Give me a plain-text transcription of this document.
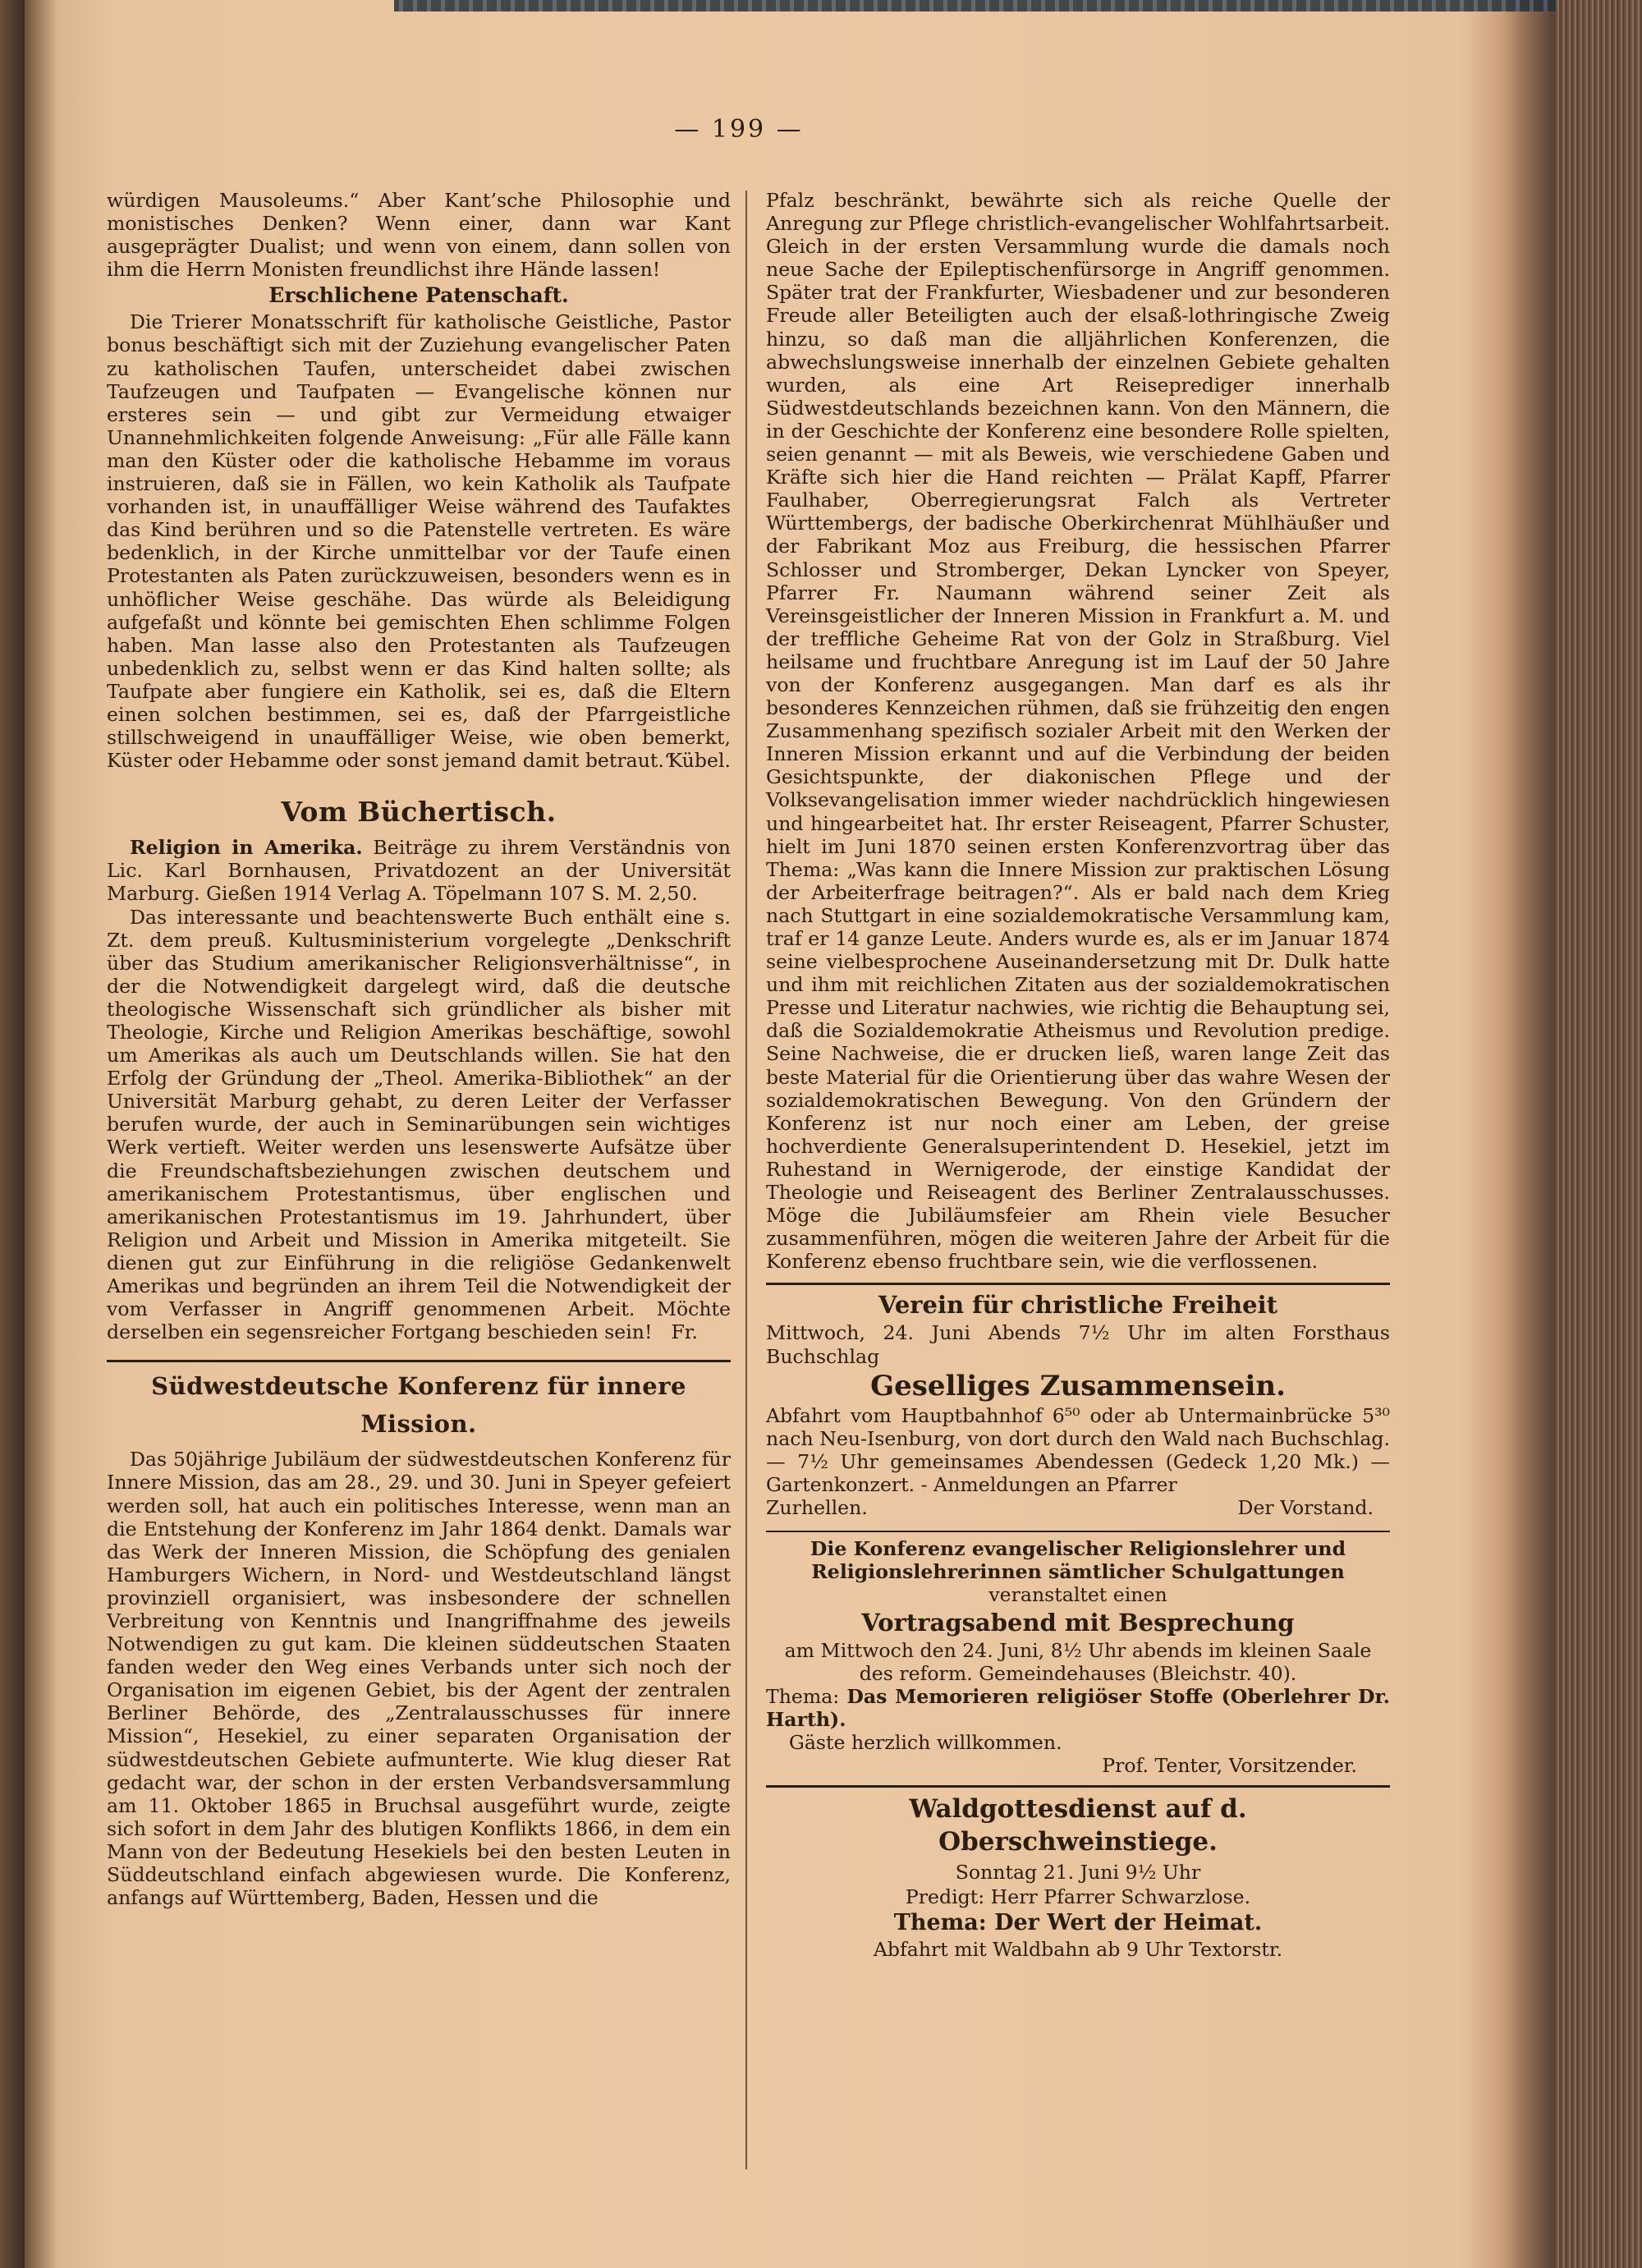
— 199 —

würdigen Mausoleums.“ Aber Kant’sche Philosophie und monistisches Denken? Wenn einer, dann war Kant ausgeprägter Dualist; und wenn von einem, dann sollen von ihm die Herrn Monisten freundlichst ihre Hände lassen!

Erschlichene Patenschaft.

Die Trierer Monatsschrift für katholische Geistliche, Pastor bonus beschäftigt sich mit der Zuziehung evangelischer Paten zu katholischen Taufen, unterscheidet dabei zwischen Taufzeugen und Taufpaten — Evangelische können nur ersteres sein — und gibt zur Vermeidung etwaiger Unannehmlichkeiten folgende Anweisung: „Für alle Fälle kann man den Küster oder die katholische Hebamme im voraus instruieren, daß sie in Fällen, wo kein Katholik als Taufpate vorhanden ist, in unauffälliger Weise während des Taufaktes das Kind berühren und so die Patenstelle vertreten. Es wäre bedenklich, in der Kirche unmittelbar vor der Taufe einen Protestanten als Paten zurückzuweisen, besonders wenn es in unhöflicher Weise geschähe. Das würde als Beleidigung aufgefaßt und könnte bei gemischten Ehen schlimme Folgen haben. Man lasse also den Protestanten als Taufzeugen unbedenklich zu, selbst wenn er das Kind halten sollte; als Taufpate aber fungiere ein Katholik, sei es, daß die Eltern einen solchen bestimmen, sei es, daß der Pfarrgeistliche stillschweigend in unauffälliger Weise, wie oben bemerkt, Küster oder Hebamme oder sonst jemand damit betraut.“

Kübel.
Vom Büchertisch.

Religion in Amerika. Beiträge zu ihrem Verständnis von Lic. Karl Bornhausen, Privatdozent an der Universität Marburg. Gießen 1914 Verlag A. Töpelmann 107 S. M. 2,50.

Das interessante und beachtenswerte Buch enthält eine s. Zt. dem preuß. Kultusministerium vorgelegte „Denkschrift über das Studium amerikanischer Religionsverhältnisse“, in der die Notwendigkeit dargelegt wird, daß die deutsche theologische Wissenschaft sich gründlicher als bisher mit Theologie, Kirche und Religion Amerikas beschäftige, sowohl um Amerikas als auch um Deutschlands willen. Sie hat den Erfolg der Gründung der „Theol. Amerika-Bibliothek“ an der Universität Marburg gehabt, zu deren Leiter der Verfasser berufen wurde, der auch in Seminarübungen sein wichtiges Werk vertieft. Weiter werden uns lesenswerte Aufsätze über die Freundschaftsbeziehungen zwischen deutschem und amerikanischem Protestantismus, über englischen und amerikanischen Protestantismus im 19. Jahrhundert, über Religion und Arbeit und Mission in Amerika mitgeteilt. Sie dienen gut zur Einführung in die religiöse Gedankenwelt Amerikas und begründen an ihrem Teil die Notwendigkeit der vom Verfasser in Angriff genommenen Arbeit. Möchte derselben ein segensreicher Fortgang beschieden sein! Fr.
Südwestdeutsche Konferenz für innere Mission.

Das 50jährige Jubiläum der südwestdeutschen Konferenz für Innere Mission, das am 28., 29. und 30. Juni in Speyer gefeiert werden soll, hat auch ein politisches Interesse, wenn man an die Entstehung der Konferenz im Jahr 1864 denkt. Damals war das Werk der Inneren Mission, die Schöpfung des genialen Hamburgers Wichern, in Nord- und Westdeutschland längst provinziell organisiert, was insbesondere der schnellen Verbreitung von Kenntnis und Inangriffnahme des jeweils Notwendigen zu gut kam. Die kleinen süddeutschen Staaten fanden weder den Weg eines Verbands unter sich noch der Organisation im eigenen Gebiet, bis der Agent der zentralen Berliner Behörde, des „Zentralausschusses für innere Mission“, Hesekiel, zu einer separaten Organisation der südwestdeutschen Gebiete aufmunterte. Wie klug dieser Rat gedacht war, der schon in der ersten Verbandsversammlung am 11. Oktober 1865 in Bruchsal ausgeführt wurde, zeigte sich sofort in dem Jahr des blutigen Konflikts 1866, in dem ein Mann von der Bedeutung Hesekiels bei den besten Leuten in Süddeutschland einfach abgewiesen wurde. Die Konferenz, anfangs auf Württemberg, Baden, Hessen und die

Pfalz beschränkt, bewährte sich als reiche Quelle der Anregung zur Pflege christlich-evangelischer Wohlfahrtsarbeit. Gleich in der ersten Versammlung wurde die damals noch neue Sache der Epileptischenfürsorge in Angriff genommen. Später trat der Frankfurter, Wiesbadener und zur besonderen Freude aller Beteiligten auch der elsaß-lothringische Zweig hinzu, so daß man die alljährlichen Konferenzen, die abwechslungsweise innerhalb der einzelnen Gebiete gehalten wurden, als eine Art Reiseprediger innerhalb Südwestdeutschlands bezeichnen kann. Von den Männern, die in der Geschichte der Konferenz eine besondere Rolle spielten, seien genannt — mit als Beweis, wie verschiedene Gaben und Kräfte sich hier die Hand reichten — Prälat Kapff, Pfarrer Faulhaber, Oberregierungsrat Falch als Vertreter Württembergs, der badische Oberkirchenrat Mühlhäußer und der Fabrikant Moz aus Freiburg, die hessischen Pfarrer Schlosser und Stromberger, Dekan Lyncker von Speyer, Pfarrer Fr. Naumann während seiner Zeit als Vereinsgeistlicher der Inneren Mission in Frankfurt a. M. und der treffliche Geheime Rat von der Golz in Straßburg. Viel heilsame und fruchtbare Anregung ist im Lauf der 50 Jahre von der Konferenz ausgegangen. Man darf es als ihr besonderes Kennzeichen rühmen, daß sie frühzeitig den engen Zusammenhang spezifisch sozialer Arbeit mit den Werken der Inneren Mission erkannt und auf die Verbindung der beiden Gesichtspunkte, der diakonischen Pflege und der Volksevangelisation immer wieder nachdrücklich hingewiesen und hingearbeitet hat. Ihr erster Reiseagent, Pfarrer Schuster, hielt im Juni 1870 seinen ersten Konferenzvortrag über das Thema: „Was kann die Innere Mission zur praktischen Lösung der Arbeiterfrage beitragen?“. Als er bald nach dem Krieg nach Stuttgart in eine sozialdemokratische Versammlung kam, traf er 14 ganze Leute. Anders wurde es, als er im Januar 1874 seine vielbesprochene Auseinandersetzung mit Dr. Dulk hatte und ihm mit reichlichen Zitaten aus der sozialdemokratischen Presse und Literatur nachwies, wie richtig die Behauptung sei, daß die Sozialdemokratie Atheismus und Revolution predige. Seine Nachweise, die er drucken ließ, waren lange Zeit das beste Material für die Orientierung über das wahre Wesen der sozialdemokratischen Bewegung. Von den Gründern der Konferenz ist nur noch einer am Leben, der greise hochverdiente Generalsuperintendent D. Hesekiel, jetzt im Ruhestand in Wernigerode, der einstige Kandidat der Theologie und Reiseagent des Berliner Zentralausschusses. Möge die Jubiläumsfeier am Rhein viele Besucher zusammenführen, mögen die weiteren Jahre der Arbeit für die Konferenz ebenso fruchtbare sein, wie die verflossenen.

Verein für christliche Freiheit

Mittwoch, 24. Juni Abends 7½ Uhr im alten Forsthaus Buchschlag

Geselliges Zusammensein.

Abfahrt vom Hauptbahnhof 6⁵⁰ oder ab Untermainbrücke 5³⁰ nach Neu-Isenburg, von dort durch den Wald nach Buchschlag. — 7½ Uhr gemeinsames Abendessen (Gedeck 1,20 Mk.) — Gartenkonzert. - Anmeldungen an Pfarrer

Zurhellen.	Der Vorstand.
Die Konferenz evangelischer Religionslehrer und Religionslehrerinnen sämtlicher Schulgattungen
veranstaltet einen
Vortragsabend mit Besprechung

am Mittwoch den 24. Juni, 8½ Uhr abends im kleinen Saale des reform. Gemeindehauses (Bleichstr. 40).

Thema: Das Memorieren religiöser Stoffe (Oberlehrer Dr. Harth).

Gäste herzlich willkommen.

Prof. Tenter, Vorsitzender.
Waldgottesdienst auf d. Oberschweinstiege.
Sonntag 21. Juni 9½ Uhr
Predigt: Herr Pfarrer Schwarzlose.
Thema: Der Wert der Heimat.
Abfahrt mit Waldbahn ab 9 Uhr Textorstr.
